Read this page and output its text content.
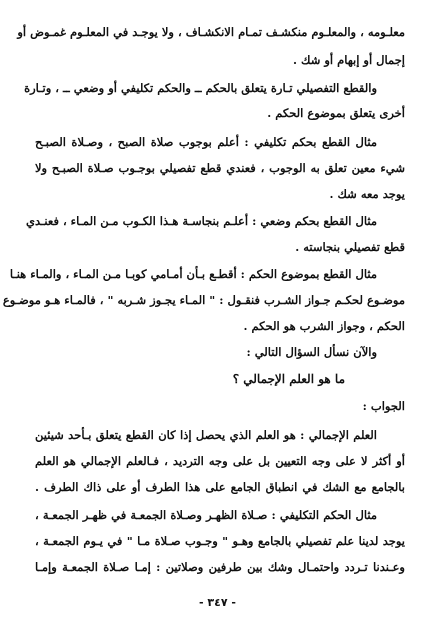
معلـومه ، والمعلـوم منكشـف تمـام الانكشـاف ، ولا يوجـد في المعلـوم غمـوض أو
إجمال أو إبهام أو شك .
والقطع التفصيلي تـارة يتعلق بالحكم ــ والحكم تكليفي أو وضعي ــ ، وتـارة
أخرى يتعلق بموضوع الحكم .
مثال القطع بحكم تكليفي : أعلم بوجوب صلاة الصبح ، وصـلاة الصبـح
شيء معين تعلق به الوجوب ، فعندي قطع تفصيلي بوجـوب صـلاة الصبـح ولا
يوجد معه شك .
مثال القطع بحكم وضعي : أعلـم بنجاسـة هـذا الكـوب مـن المـاء ، فعنـدي
قطع تفصيلي بنجاسته .
مثال القطع بموضوع الحكم : أقطـع بـأن أمـامي كوبـا مـن المـاء ، والمـاء هنـا
موضـوع لحكـم جـواز الشـرب فنقـول : " المـاء يجـوز شـربه " ، فالمـاء هـو موضـوع
الحكم ، وجواز الشرب هو الحكم .
والآن نسأل السؤال التالي :
ما هو العلم الإجمالي ؟
الجواب :
العلم الإجمالي : هو العلم الذي يحصل إذا كان القطع يتعلق بـأحد شيئين
أو أكثر لا على وجه التعيين بل على وجه الترديد ، فـالعلم الإجمالي هو العلم
بالجامع مع الشك في انطباق الجامع على هذا الطرف أو على ذاك الطرف .
مثال الحكم التكليفي : صـلاة الظهـر وصـلاة الجمعـة في ظهـر الجمعـة ،
يوجد لدينا علم تفصيلي بالجامع وهـو " وجـوب صـلاة مـا " في يـوم الجمعـة ،
وعـندنا تـردد واحتمـال وشك بين طرفين وصلاتين : إمـا صـلاة الجمعـة وإمـا
- ٣٤٧ -
